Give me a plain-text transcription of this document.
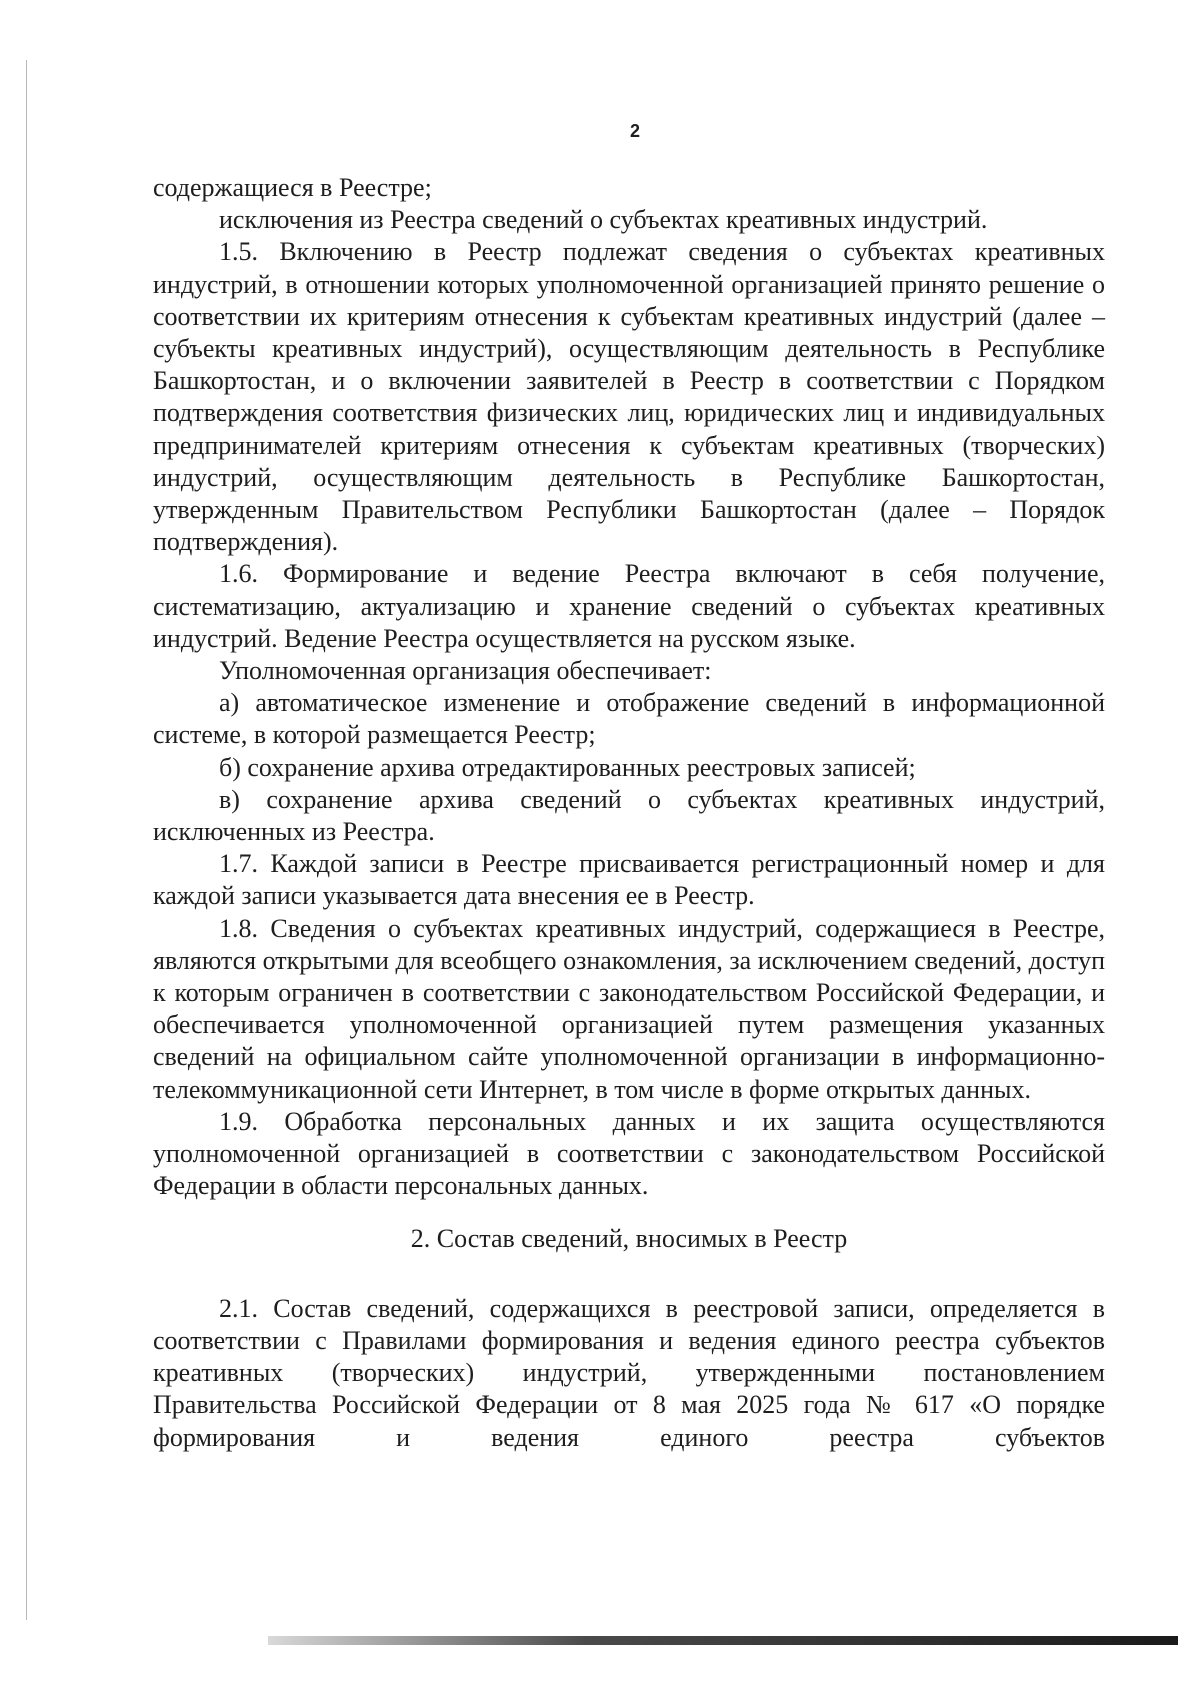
2

содержащиеся в Реестре;

исключения из Реестра сведений о субъектах креативных индустрий.

1.5. Включению в Реестр подлежат сведения о субъектах креативных индустрий, в отношении которых уполномоченной организацией принято решение о соответствии их критериям отнесения к субъектам креативных индустрий (далее – субъекты креативных индустрий), осуществляющим деятельность в Республике Башкортостан, и о включении заявителей в Реестр в соответствии с Порядком подтверждения соответствия физических лиц, юридических лиц и индивидуальных предпринимателей критериям отнесения к субъектам креативных (творческих) индустрий, осуществляющим деятельность в Республике Башкортостан, утвержденным Правительством Республики Башкортостан (далее – Порядок подтверждения).

1.6. Формирование и ведение Реестра включают в себя получение, систематизацию, актуализацию и хранение сведений о субъектах креативных индустрий. Ведение Реестра осуществляется на русском языке.

Уполномоченная организация обеспечивает:

а) автоматическое изменение и отображение сведений в информационной системе, в которой размещается Реестр;

б) сохранение архива отредактированных реестровых записей;

в) сохранение архива сведений о субъектах креативных индустрий, исключенных из Реестра.

1.7. Каждой записи в Реестре присваивается регистрационный номер и для каждой записи указывается дата внесения ее в Реестр.

1.8. Сведения о субъектах креативных индустрий, содержащиеся в Реестре, являются открытыми для всеобщего ознакомления, за исключением сведений, доступ к которым ограничен в соответствии с законодательством Российской Федерации, и обеспечивается уполномоченной организацией путем размещения указанных сведений на официальном сайте уполномоченной организации в информационно-телекоммуникационной сети Интернет, в том числе в форме открытых данных.

1.9. Обработка персональных данных и их защита осуществляются уполномоченной организацией в соответствии с законодательством Российской Федерации в области персональных данных.

2. Состав сведений, вносимых в Реестр

2.1. Состав сведений, содержащихся в реестровой записи, определяется в соответствии с Правилами формирования и ведения единого реестра субъектов креативных (творческих) индустрий, утвержденными постановлением Правительства Российской Федерации от 8 мая 2025 года № 617 «О порядке формирования и ведения единого реестра субъектов
